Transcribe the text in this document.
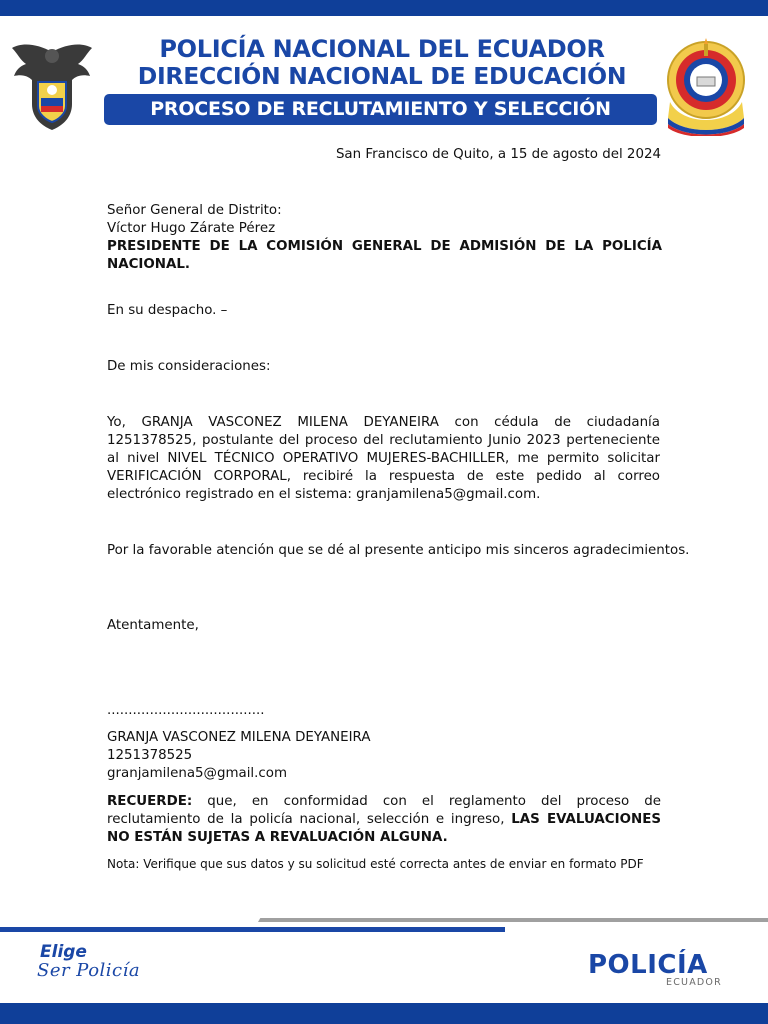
POLICÍA NACIONAL DEL ECUADOR
DIRECCIÓN NACIONAL DE EDUCACIÓN
PROCESO DE RECLUTAMIENTO Y SELECCIÓN
San Francisco de Quito, a 15 de agosto del 2024
Señor General de Distrito:
Víctor Hugo Zárate Pérez
PRESIDENTE DE LA COMISIÓN GENERAL DE ADMISIÓN DE LA POLICÍA NACIONAL.
En su despacho. –
De mis consideraciones:
Yo, GRANJA VASCONEZ MILENA DEYANEIRA con cédula de ciudadanía 1251378525, postulante del proceso del reclutamiento Junio 2023 perteneciente al nivel NIVEL TÉCNICO OPERATIVO MUJERES-BACHILLER, me permito solicitar VERIFICACIÓN CORPORAL, recibiré la respuesta de este pedido al correo electrónico registrado en el sistema: granjamilena5@gmail.com.
Por la favorable atención que se dé al presente anticipo mis sinceros agradecimientos.
Atentamente,
.....................................
GRANJA VASCONEZ MILENA DEYANEIRA
1251378525
granjamilena5@gmail.com
RECUERDE: que, en conformidad con el reglamento del proceso de reclutamiento de la policía nacional, selección e ingreso, LAS EVALUACIONES NO ESTÁN SUJETAS A REVALUACIÓN ALGUNA.
Nota: Verifique que sus datos y su solicitud esté correcta antes de enviar en formato PDF
Elige
Ser Policía	POLICÍA
ECUADOR
